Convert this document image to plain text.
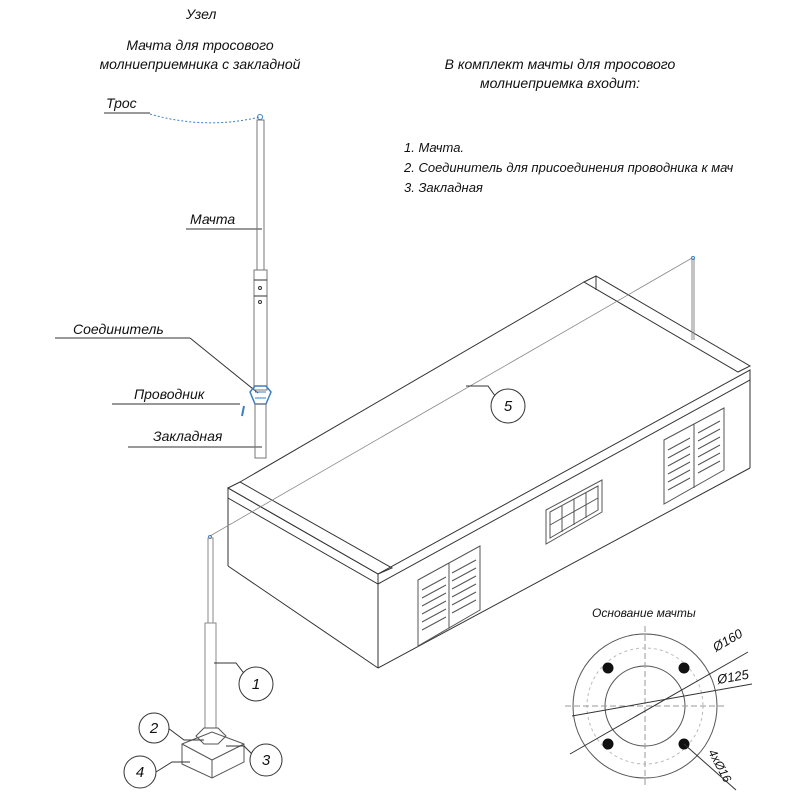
Узел
Мачта для тросового
молниеприемника с закладной	В комплект мачты для тросового
молниеприемка входит:
1. Мачта.
2. Соединитель для присоединения проводника к мач
3. Закладная
Трос
Мачта
Соединитель
Проводник
Закладная
Основание мачты
1
2
3
4
5
Ø160
Ø125
4xØ16
